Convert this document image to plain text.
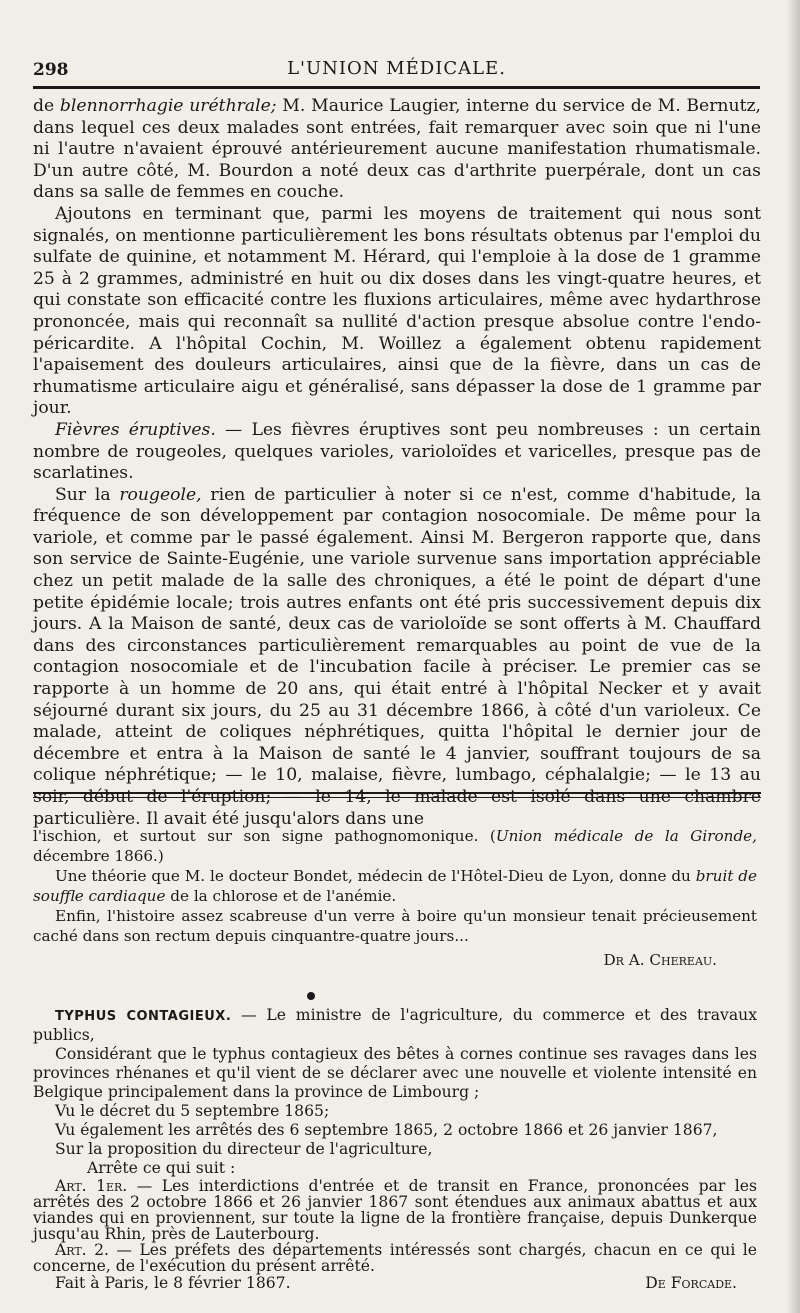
298	L'UNION MÉDICALE.

de blennorrhagie uréthrale; M. Maurice Laugier, interne du service de M. Bernutz, dans lequel ces deux malades sont entrées, fait remarquer avec soin que ni l'une ni l'autre n'avaient éprouvé antérieurement aucune manifestation rhumatismale. D'un autre côté, M. Bourdon a noté deux cas d'arthrite puerpérale, dont un cas dans sa salle de femmes en couche.

Ajoutons en terminant que, parmi les moyens de traitement qui nous sont signalés, on mentionne particulièrement les bons résultats obtenus par l'emploi du sulfate de quinine, et notamment M. Hérard, qui l'emploie à la dose de 1 gramme 25 à 2 grammes, administré en huit ou dix doses dans les vingt-quatre heures, et qui constate son efficacité contre les fluxions articulaires, même avec hydarthrose prononcée, mais qui reconnaît sa nullité d'action presque absolue contre l'endo-péricardite. A l'hôpital Cochin, M. Woillez a également obtenu rapidement l'apaisement des douleurs articulaires, ainsi que de la fièvre, dans un cas de rhumatisme articulaire aigu et généralisé, sans dépasser la dose de 1 gramme par jour.

Fièvres éruptives. — Les fièvres éruptives sont peu nombreuses : un certain nombre de rougeoles, quelques varioles, varioloïdes et varicelles, presque pas de scarlatines.

Sur la rougeole, rien de particulier à noter si ce n'est, comme d'habitude, la fréquence de son développement par contagion nosocomiale. De même pour la variole, et comme par le passé également. Ainsi M. Bergeron rapporte que, dans son service de Sainte-Eugénie, une variole survenue sans importation appréciable chez un petit malade de la salle des chroniques, a été le point de départ d'une petite épidémie locale; trois autres enfants ont été pris successivement depuis dix jours. A la Maison de santé, deux cas de varioloïde se sont offerts à M. Chauffard dans des circonstances particulièrement remarquables au point de vue de la contagion nosocomiale et de l'incubation facile à préciser. Le premier cas se rapporte à un homme de 20 ans, qui était entré à l'hôpital Necker et y avait séjourné durant six jours, du 25 au 31 décembre 1866, à côté d'un varioleux. Ce malade, atteint de coliques néphrétiques, quitta l'hôpital le dernier jour de décembre et entra à la Maison de santé le 4 janvier, souffrant toujours de sa colique néphrétique; — le 10, malaise, fièvre, lumbago, céphalalgie; — le 13 au soir, début de l'éruption; — le 14, le malade est isolé dans une chambre particulière. Il avait été jusqu'alors dans une

l'ischion, et surtout sur son signe pathognomonique. (Union médicale de la Gironde, décembre 1866.)

Une théorie que M. le docteur Bondet, médecin de l'Hôtel-Dieu de Lyon, donne du bruit de souffle cardiaque de la chlorose et de l'anémie.

Enfin, l'histoire assez scabreuse d'un verre à boire qu'un monsieur tenait précieusement caché dans son rectum depuis cinquantre-quatre jours...

Dr A. Chereau.

TYPHUS CONTAGIEUX. — Le ministre de l'agriculture, du commerce et des travaux publics,

Considérant que le typhus contagieux des bêtes à cornes continue ses ravages dans les provinces rhénanes et qu'il vient de se déclarer avec une nouvelle et violente intensité en Belgique principalement dans la province de Limbourg ;

Vu le décret du 5 septembre 1865;

Vu également les arrêtés des 6 septembre 1865, 2 octobre 1866 et 26 janvier 1867,

Sur la proposition du directeur de l'agriculture,

Arrête ce qui suit :

Art. 1er. — Les interdictions d'entrée et de transit en France, prononcées par les arrêtés des 2 octobre 1866 et 26 janvier 1867 sont étendues aux animaux abattus et aux viandes qui en proviennent, sur toute la ligne de la frontière française, depuis Dunkerque jusqu'au Rhin, près de Lauterbourg.

Art. 2. — Les préfets des départements intéressés sont chargés, chacun en ce qui le concerne, de l'exécution du présent arrêté.

Fait à Paris, le 8 février 1867.	De Forcade.
